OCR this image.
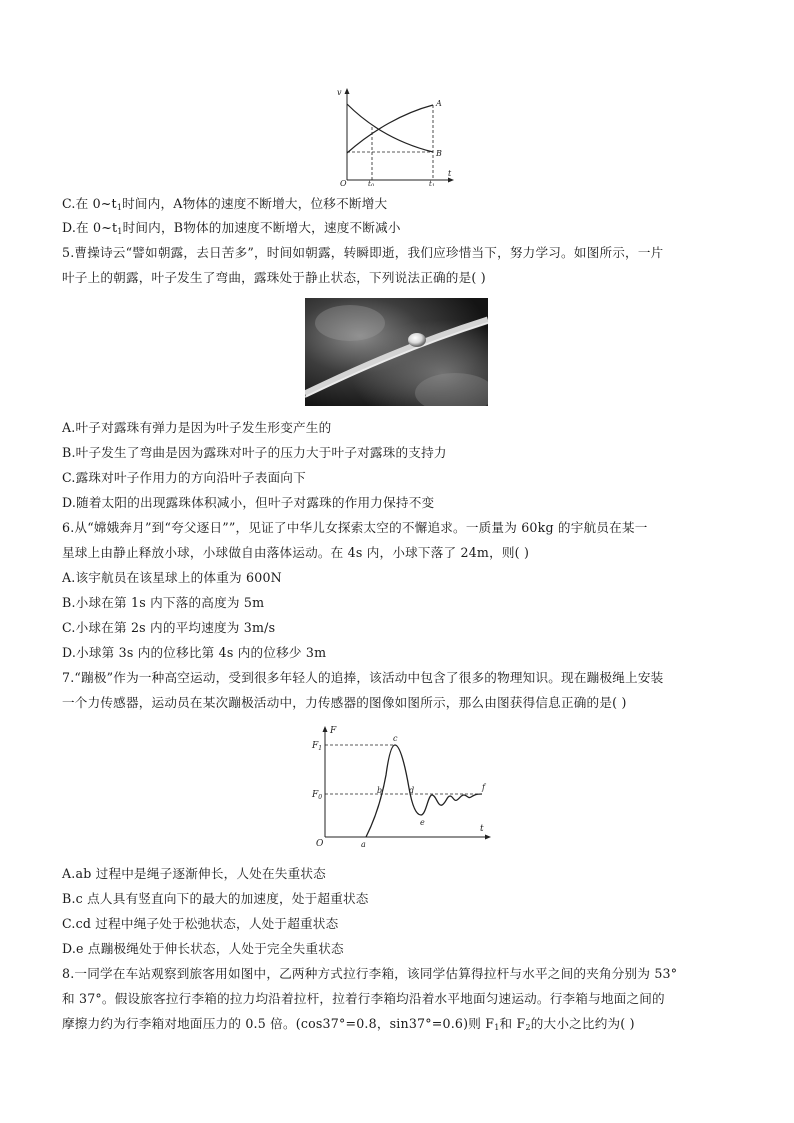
v
t
O
A
B
t0	t1
C.在 $0\sim t_1$时间内，A物体的速度不断增大，位移不断增大
D.在 $0\sim t_1$时间内，B物体的加速度不断增大，速度不断减小
5.曹操诗云“譬如朝露，去日苦多”，时间如朝露，转瞬即逝，我们应珍惜当下，努力学习。如图所示，一片
叶子上的朝露，叶子发生了弯曲，露珠处于静止状态，下列说法正确的是( )
A.叶子对露珠有弹力是因为叶子发生形变产生的
B.叶子发生了弯曲是因为露珠对叶子的压力大于叶子对露珠的支持力
C.露珠对叶子作用力的方向沿叶子表面向下
D.随着太阳的出现露珠体积减小，但叶子对露珠的作用力保持不变
6.从“嫦娥奔月”到“夸父逐日””，见证了中华儿女探索太空的不懈追求。一质量为 60kg 的宇航员在某一
星球上由静止释放小球，小球做自由落体运动。在 4s 内，小球下落了 24m，则( )
A.该宇航员在该星球上的体重为 600N
B.小球在第 1s 内下落的高度为 5m
C.小球在第 2s 内的平均速度为 3m/s
D.小球第 3s 内的位移比第 4s 内的位移少 3m
7.“蹦极”作为一种高空运动，受到很多年轻人的追捧，该活动中包含了很多的物理知识。现在蹦极绳上安装
一个力传感器，运动员在某次蹦极活动中，力传感器的图像如图所示，那么由图获得信息正确的是( )
F
t
O
$F_1$
$F_0$
a
b
c
d
e
f
A.ab 过程中是绳子逐渐伸长，人处在失重状态
B.c 点人具有竖直向下的最大的加速度，处于超重状态
C.cd 过程中绳子处于松弛状态，人处于超重状态
D.e 点蹦极绳处于伸长状态，人处于完全失重状态
8.一同学在车站观察到旅客用如图中，乙两种方式拉行李箱，该同学估算得拉杆与水平之间的夹角分别为 53°
和 37°。假设旅客拉行李箱的拉力均沿着拉杆，拉着行李箱均沿着水平地面匀速运动。行李箱与地面之间的
摩擦力约为行李箱对地面压力的 0.5 倍。(cos37°=0.8，sin37°=0.6)则 $F_1$和 $F_2$的大小之比约为( )
